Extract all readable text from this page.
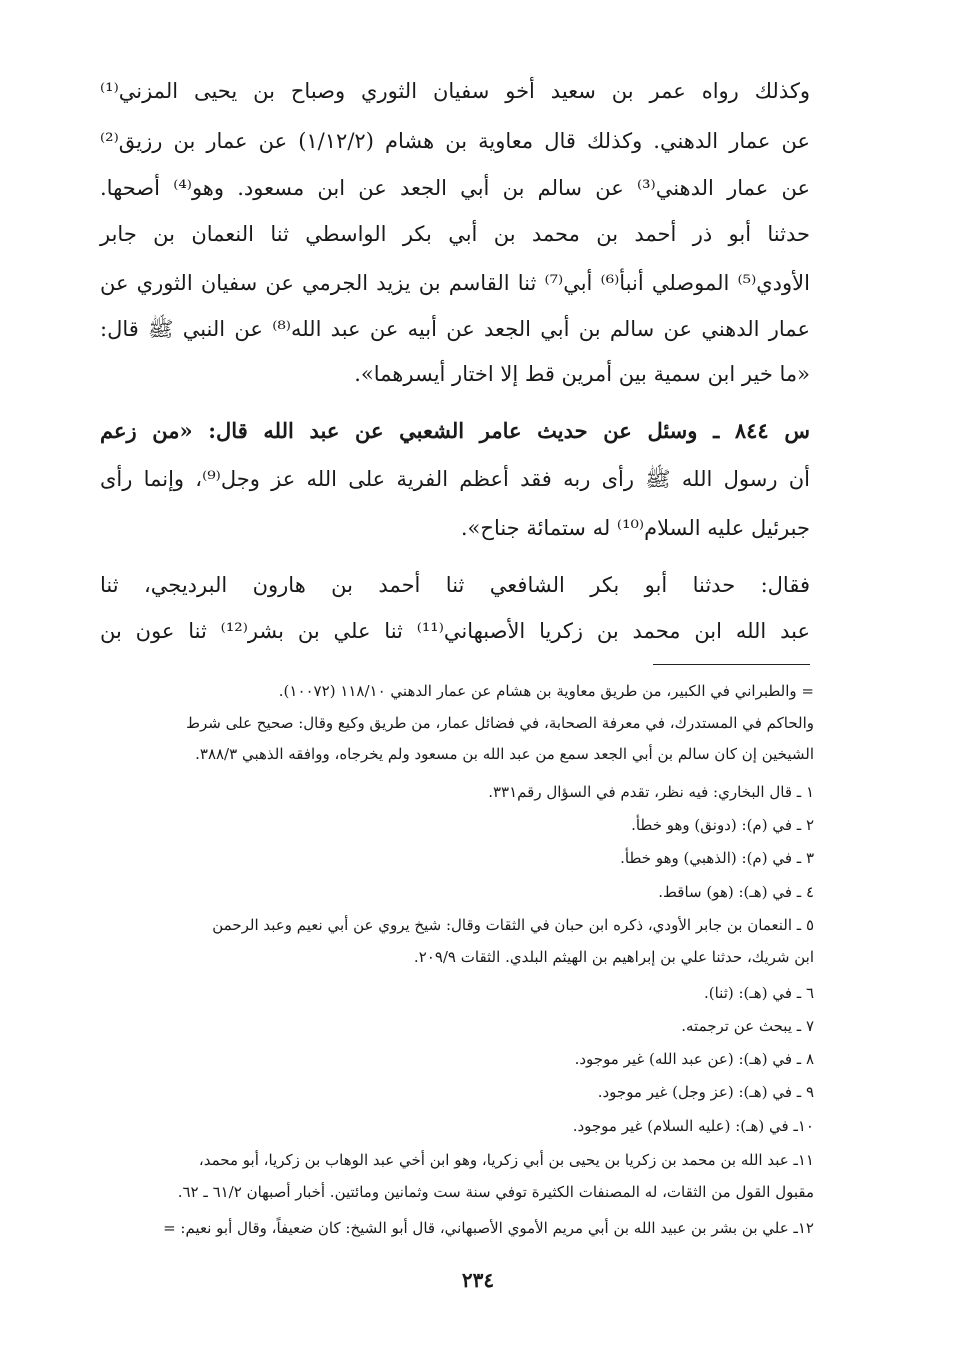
وكذلك رواه عمر بن سعيد أخو سفيان الثوري وصباح بن يحيى المزني⁽¹⁾
عن عمار الدهني. وكذلك قال معاوية بن هشام (١/١٢/٢) عن عمار بن رزيق⁽²⁾
عن عمار الدهني⁽³⁾ عن سالم بن أبي الجعد عن ابن مسعود. وهو⁽⁴⁾ أصحها.
حدثنا أبو ذر أحمد بن محمد بن أبي بكر الواسطي ثنا النعمان بن جابر
الأودي⁽⁵⁾ الموصلي أنبأ⁽⁶⁾ أبي⁽⁷⁾ ثنا القاسم بن يزيد الجرمي عن سفيان الثوري عن
عمار الدهني عن سالم بن أبي الجعد عن أبيه عن عبد الله⁽⁸⁾ عن النبي ﷺ قال:
«ما خير ابن سمية بين أمرين قط إلا اختار أيسرهما».
س ٨٤٤ ـ وسئل عن حديث عامر الشعبي عن عبد الله قال: «من زعم
أن رسول الله ﷺ رأى ربه فقد أعظم الفرية على الله عز وجل⁽⁹⁾، وإنما رأى
جبرئيل عليه السلام⁽¹⁰⁾ له ستمائة جناح».
فقال: حدثنا أبو بكر الشافعي ثنا أحمد بن هارون البرديجي، ثنا
عبد الله ابن محمد بن زكريا الأصبهاني⁽¹¹⁾ ثنا علي بن بشر⁽¹²⁾ ثنا عون بن
= والطبراني في الكبير، من طريق معاوية بن هشام عن عمار الدهني ١١٨/١٠ (١٠٠٧٢).
والحاكم في المستدرك، في معرفة الصحابة، في فضائل عمار، من طريق وكيع وقال: صحيح على شرط
الشيخين إن كان سالم بن أبي الجعد سمع من عبد الله بن مسعود ولم يخرجاه، ووافقه الذهبي ٣٨٨/٣.
١ ـ قال البخاري: فيه نظر، تقدم في السؤال رقم٣٣١.
٢ ـ في (م): (دونق) وهو خطأ.
٣ ـ في (م): (الذهبي) وهو خطأ.
٤ ـ في (هـ): (هو) ساقط.
٥ ـ النعمان بن جابر الأودي، ذكره ابن حبان في الثقات وقال: شيخ يروي عن أبي نعيم وعبد الرحمن
ابن شريك، حدثنا علي بن إبراهيم بن الهيثم البلدي. الثقات ٢٠٩/٩.
٦ ـ في (هـ): (ثنا).
٧ ـ يبحث عن ترجمته.
٨ ـ في (هـ): (عن عبد الله) غير موجود.
٩ ـ في (هـ): (عز وجل) غير موجود.
١٠ـ في (هـ): (عليه السلام) غير موجود.
١١ـ عبد الله بن محمد بن زكريا بن يحيى بن أبي زكريا، وهو ابن أخي عبد الوهاب بن زكريا، أبو محمد،
مقبول القول من الثقات، له المصنفات الكثيرة توفي سنة ست وثمانين ومائتين. أخبار أصبهان ٦١/٢ ـ ٦٢.
١٢ـ علي بن بشر بن عبيد الله بن أبي مريم الأموي الأصبهاني، قال أبو الشيخ: كان ضعيفاً، وقال أبو نعيم: =
٢٣٤
